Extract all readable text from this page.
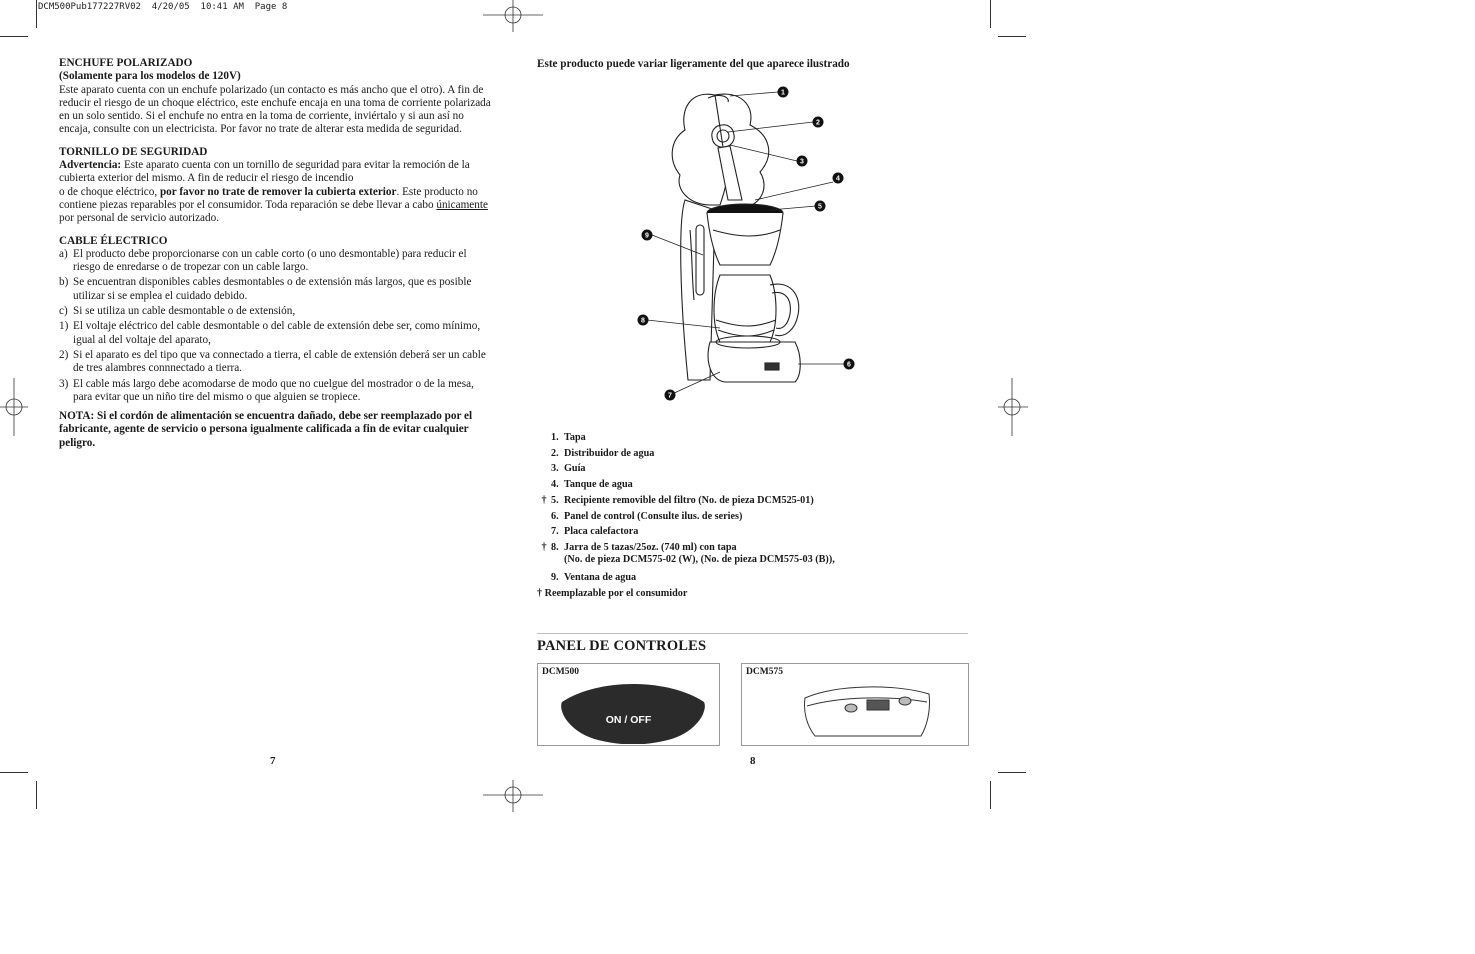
DCM500Pub177227RV02  4/20/05  10:41 AM  Page 8

ENCHUFE POLARIZADO

(Solamente para los modelos de 120V)

Este aparato cuenta con un enchufe polarizado (un contacto es más ancho que el otro). A fin de reducir el riesgo de un choque eléctrico, este enchufe encaja en una toma de corriente polarizada en un solo sentido. Si el enchufe no entra en la toma de corriente, inviértalo y si aun así no encaja, consulte con un electricista. Por favor no trate de alterar esta medida de seguridad.

TORNILLO DE SEGURIDAD

Advertencia: Este aparato cuenta con un tornillo de seguridad para evitar la remoción de la cubierta exterior del mismo. A fin de reducir el riesgo de incendio

o de choque eléctrico, por favor no trate de remover la cubierta exterior. Este producto no contiene piezas reparables por el consumidor. Toda reparación se debe llevar a cabo únicamente por personal de servicio autorizado.

CABLE ÉLECTRICO

a) El producto debe proporcionarse con un cable corto (o uno desmontable) para reducir el riesgo de enredarse o de tropezar con un cable largo.

b) Se encuentran disponibles cables desmontables o de extensión más largos, que es posible utilizar si se emplea el cuidado debido.

c) Si se utiliza un cable desmontable o de extensión,

1) El voltaje eléctrico del cable desmontable o del cable de extensión debe ser, como mínimo, igual al del voltaje del aparato,

2) Si el aparato es del tipo que va connectado a tierra, el cable de extensión deberá ser un cable de tres alambres connnectado a tierra.

3) El cable más largo debe acomodarse de modo que no cuelgue del mostrador o de la mesa, para evitar que un niño tire del mismo o que alguien se tropiece.

NOTA: Si el cordón de alimentación se encuentra dañado, debe ser reemplazado por el fabricante, agente de servicio o persona igualmente calificada a fin de evitar cualquier peligro.

7
Este producto puede variar ligeramente del que aparece ilustrado
1
2
3
4
5
6
7
8
9
1. Tapa
2. Distribuidor de agua
3. Guía
4. Tanque de agua
† 5. Recipiente removible del filtro (No. de pieza DCM525-01)
6. Panel de control (Consulte ilus. de series)
7. Placa calefactora
† 8. Jarra de 5 tazas/25oz. (740 ml) con tapa
(No. de pieza DCM575-02 (W), (No. de pieza DCM575-03 (B)),
9. Ventana de agua
† Reemplazable por el consumidor
PANEL DE CONTROLES
DCM500
ON / OFF
DCM575
8
